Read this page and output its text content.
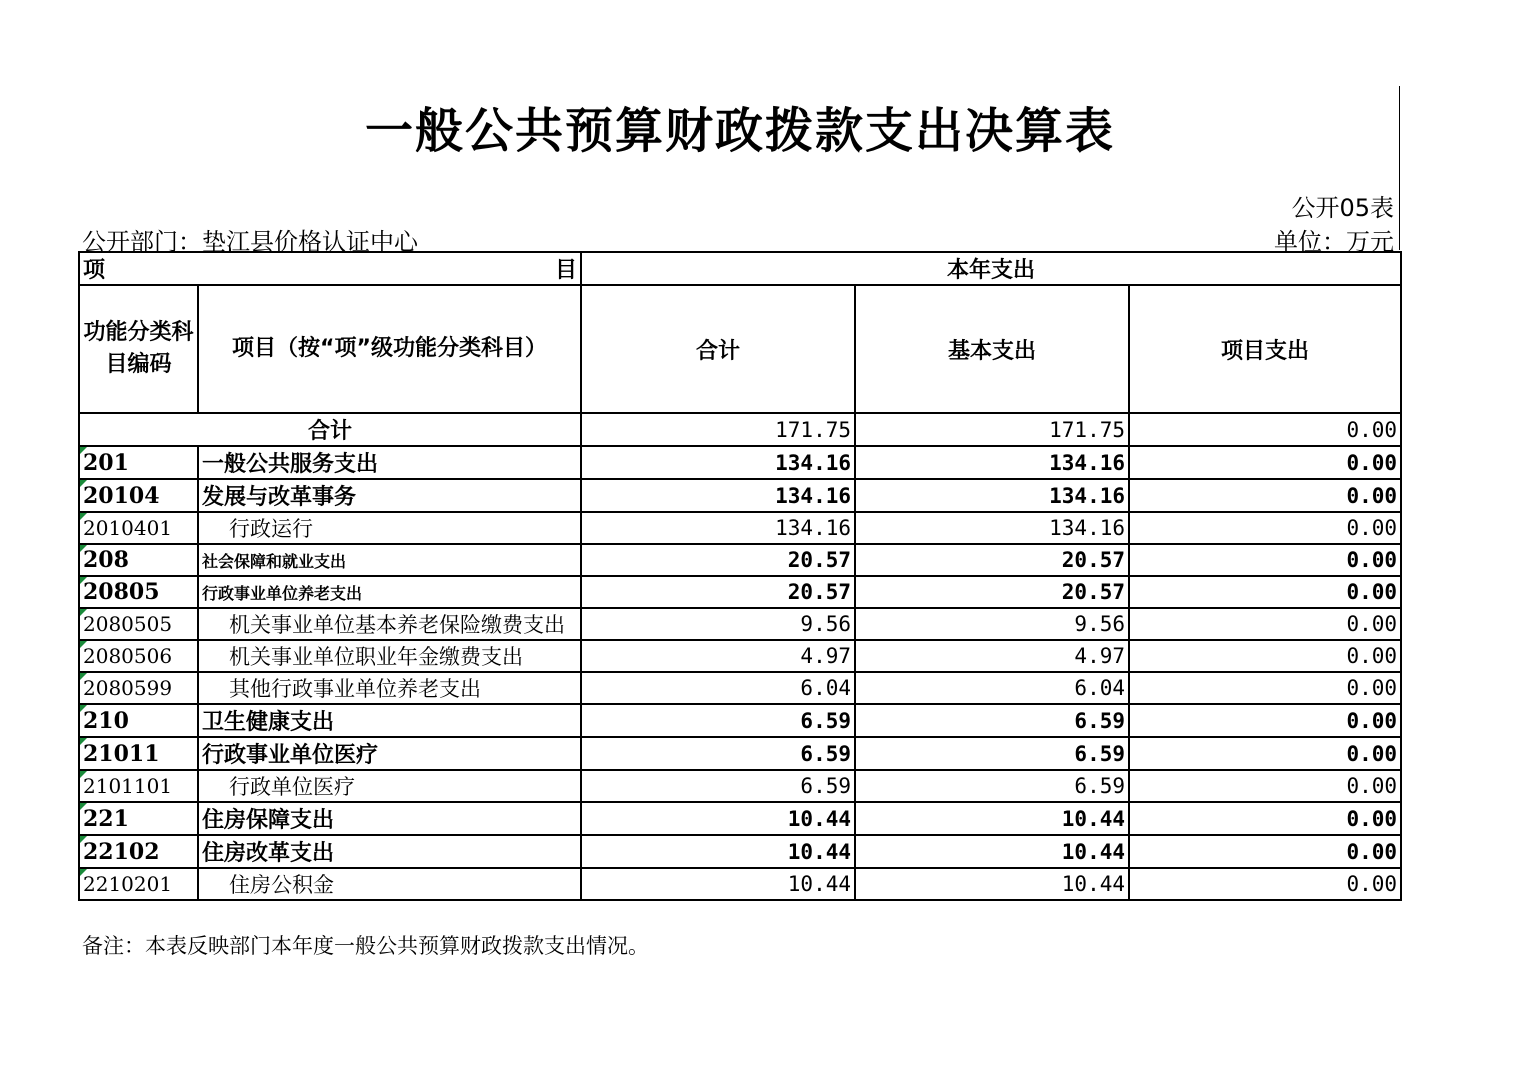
一般公共预算财政拨款支出决算表
公开05表
公开部门：垫江县价格认证中心	单位：万元
项 目		本年支出		
功能分类科目编码	项目（按“项”级功能分类科目）	合计	基本支出	项目支出
合计		171.75	171.75	0.00

201	一般公共服务支出	134.16	134.16	0.00

20104	发展与改革事务	134.16	134.16	0.00

2010401	行政运行	134.16	134.16	0.00

208	社会保障和就业支出	20.57	20.57	0.00

20805	行政事业单位养老支出	20.57	20.57	0.00

2080505	机关事业单位基本养老保险缴费支出	9.56	9.56	0.00

2080506	机关事业单位职业年金缴费支出	4.97	4.97	0.00

2080599	其他行政事业单位养老支出	6.04	6.04	0.00

210	卫生健康支出	6.59	6.59	0.00

21011	行政事业单位医疗	6.59	6.59	0.00

2101101	行政单位医疗	6.59	6.59	0.00

221	住房保障支出	10.44	10.44	0.00

22102	住房改革支出	10.44	10.44	0.00

2210201	住房公积金	10.44	10.44	0.00
备注：本表反映部门本年度一般公共预算财政拨款支出情况。
